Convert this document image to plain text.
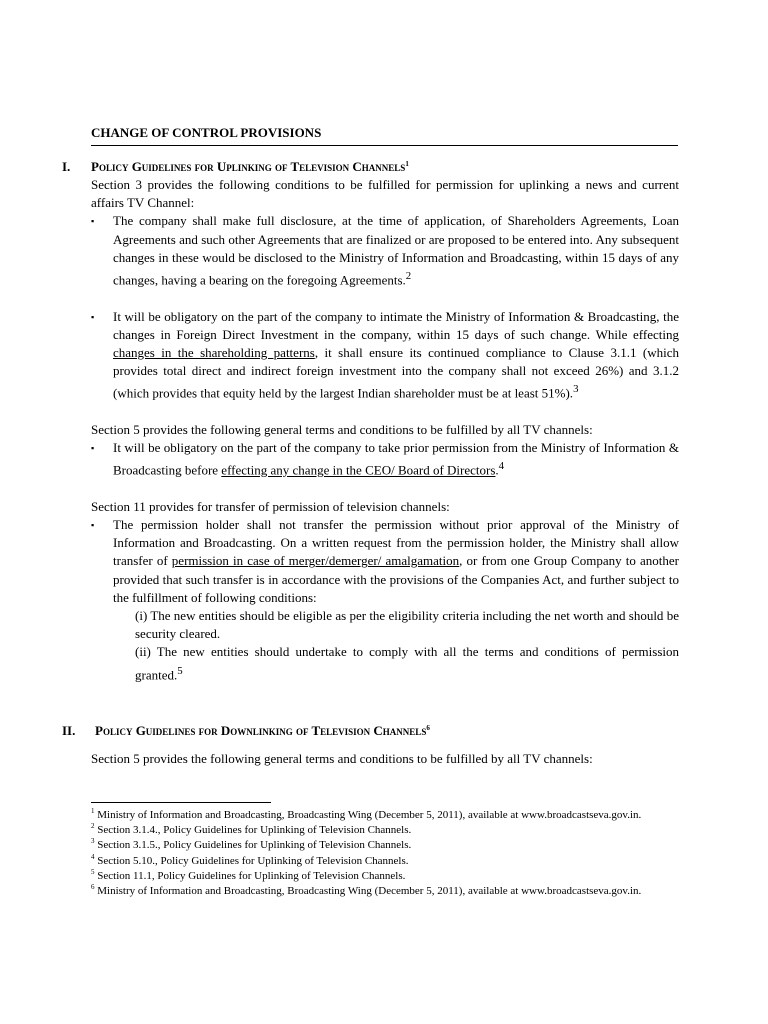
CHANGE OF CONTROL PROVISIONS
I. Policy Guidelines for Uplinking of Television Channels$^1$

Section 3 provides the following conditions to be fulfilled for permission for uplinking a news and current affairs TV Channel:

▪ The company shall make full disclosure, at the time of application, of Shareholders Agreements, Loan Agreements and such other Agreements that are finalized or are proposed to be entered into. Any subsequent changes in these would be disclosed to the Ministry of Information and Broadcasting, within 15 days of any changes, having a bearing on the foregoing Agreements.$^2$
▪ It will be obligatory on the part of the company to intimate the Ministry of Information & Broadcasting, the changes in Foreign Direct Investment in the company, within 15 days of such change. While effecting changes in the shareholding patterns, it shall ensure its continued compliance to Clause 3.1.1 (which provides total direct and indirect foreign investment into the company shall not exceed 26%) and 3.1.2 (which provides that equity held by the largest Indian shareholder must be at least 51%).$^3$

Section 5 provides the following general terms and conditions to be fulfilled by all TV channels:

▪ It will be obligatory on the part of the company to take prior permission from the Ministry of Information & Broadcasting before effecting any change in the CEO/ Board of Directors.$^4$

Section 11 provides for transfer of permission of television channels:

▪ The permission holder shall not transfer the permission without prior approval of the Ministry of Information and Broadcasting. On a written request from the permission holder, the Ministry shall allow transfer of permission in case of merger/demerger/ amalgamation, or from one Group Company to another provided that such transfer is in accordance with the provisions of the Companies Act, and further subject to the fulfillment of following conditions:
(i) The new entities should be eligible as per the eligibility criteria including the net worth and should be security cleared.
(ii) The new entities should undertake to comply with all the terms and conditions of permission granted.$^5$
II. Policy Guidelines for Downlinking of Television Channels$^6$

Section 5 provides the following general terms and conditions to be fulfilled by all TV channels:

$^1$ Ministry of Information and Broadcasting, Broadcasting Wing (December 5, 2011), available at www.broadcastseva.gov.in.

$^2$ Section 3.1.4., Policy Guidelines for Uplinking of Television Channels.

$^3$ Section 3.1.5., Policy Guidelines for Uplinking of Television Channels.

$^4$ Section 5.10., Policy Guidelines for Uplinking of Television Channels.

$^5$ Section 11.1, Policy Guidelines for Uplinking of Television Channels.

$^6$ Ministry of Information and Broadcasting, Broadcasting Wing (December 5, 2011), available at www.broadcastseva.gov.in.
